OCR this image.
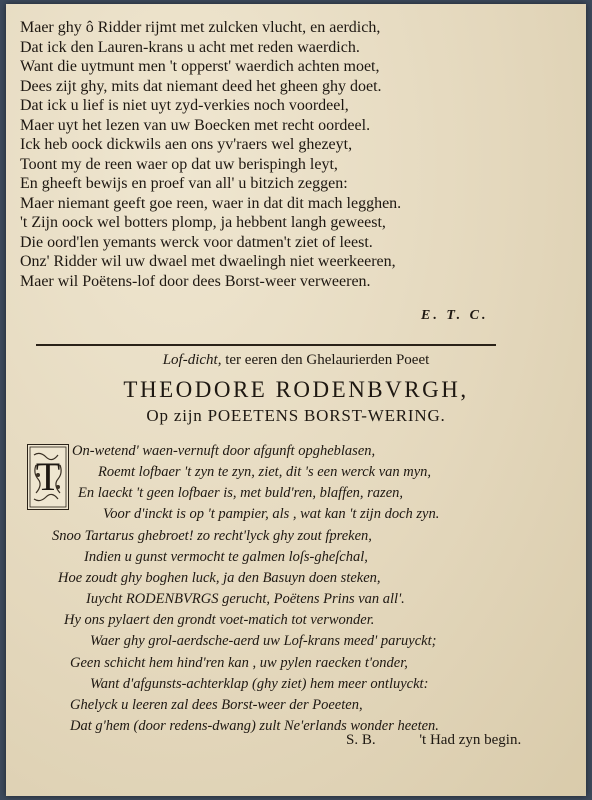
Maer ghy ô Ridder rijmt met zulcken vlucht, en aerdich,
Dat ick den Lauren-krans u acht met reden waerdich.
Want die uytmunt men 't opperst' waerdich achten moet,
Dees zijt ghy, mits dat niemant deed het gheen ghy doet.
Dat ick u lief is niet uyt zyd-verkies noch voordeel,
Maer uyt het lezen van uw Boecken met recht oordeel.
Ick heb oock dickwils aen ons yv'raers wel ghezeyt,
Toont my de reen waer op dat uw berispingh leyt,
En gheeft bewijs en proef van all' u bitzich zeggen:
Maer niemant geeft goe reen, waer in dat dit mach legghen.
't Zijn oock wel botters plomp, ja hebbent langh geweest,
Die oord'len yemants werck voor datmen't ziet of leest.
Onz' Ridder wil uw dwael met dwaelingh niet weerkeeren,
Maer wil Poëtens-lof door dees Borst-weer verweeren.
E. T. C.
Lof-dicht, ter eeren den Ghelaurierden Poeet
THEODORE RODENBVRGH,
Op zijn POEETENS BORST-WERING.
T
On-wetend' waen-vernuft door afgunft opgheblasen,
Roemt lofbaer 't zyn te zyn, ziet, dit 's een werck van myn,
En laeckt 't geen lofbaer is, met buld'ren, blaffen, razen,
Voor d'inckt is op 't pampier, als , wat kan 't zijn doch zyn.
Snoo Tartarus ghebroet! zo recht'lyck ghy zout fpreken,
Indien u gunst vermocht te galmen loſs-gheſchal,
Hoe zoudt ghy boghen luck, ja den Basuyn doen steken,
Iuycht RODENBVRGS gerucht, Poëtens Prins van all'.
Hy ons pylaert den grondt voet-matich tot verwonder.
Waer ghy grol-aerdsche-aerd uw Lof-krans meed' paruyckt;
Geen schicht hem hind'ren kan , uw pylen raecken t'onder,
Want d'afgunsts-achterklap (ghy ziet) hem meer ontluyckt:
Ghelyck u leeren zal dees Borst-weer der Poeeten,
Dat g'hem (door redens-dwang) zult Ne'erlands wonder heeten.
S. B.	't Had zyn begin.
